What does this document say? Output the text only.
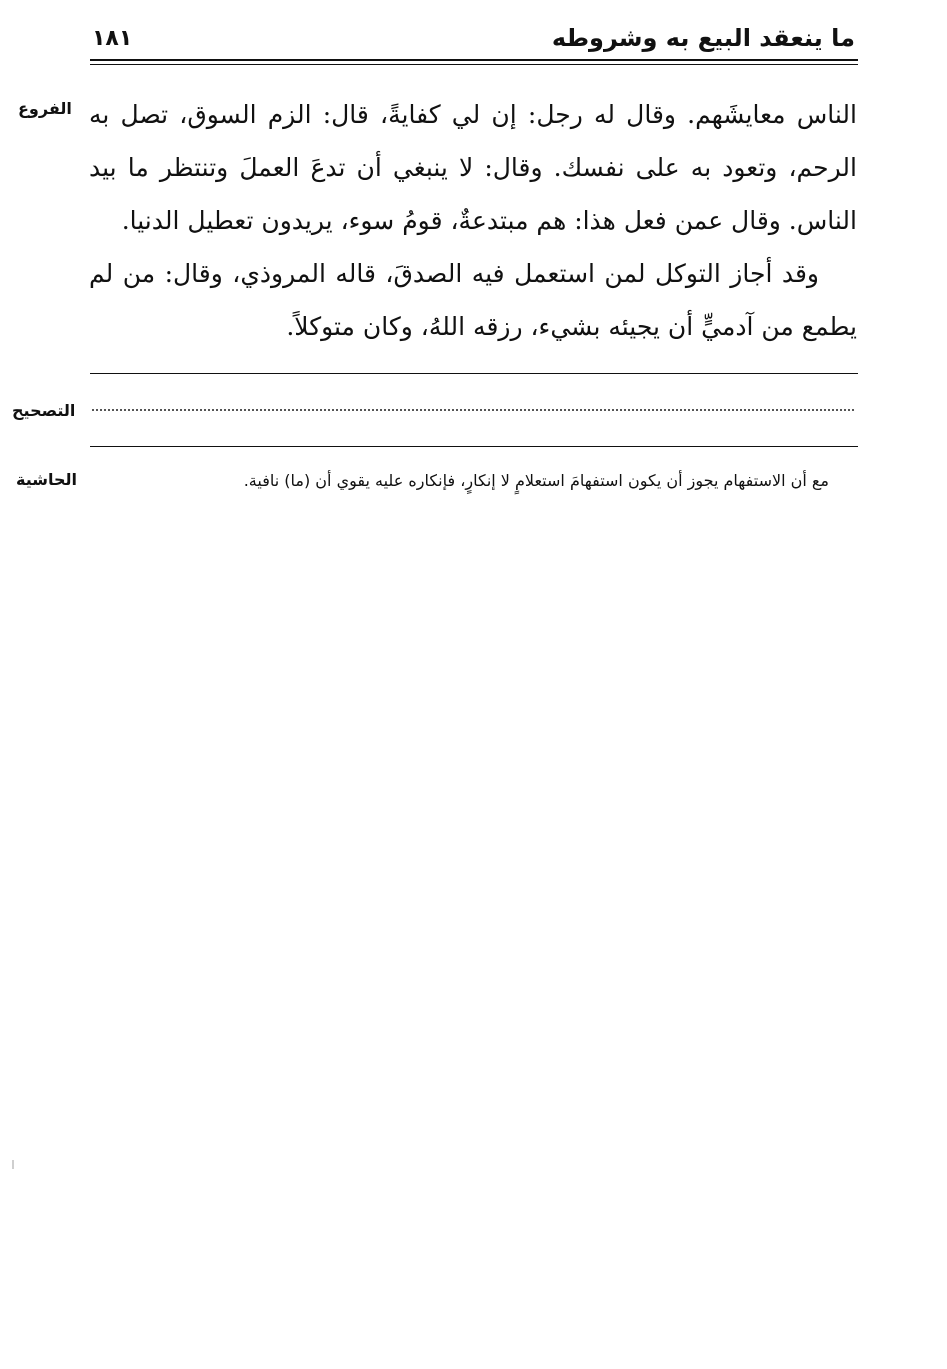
ما ينعقد البيع به وشروطه
١٨١
الفروع الناس معايشَهم. وقال له رجل: إن لي كفايةً، قال: الزم السوق، تصل به الرحم، وتعود به على نفسك. وقال: لا ينبغي أن تدعَ العملَ وتنتظر ما بيد الناس. وقال عمن فعل هذا: هم مبتدعةٌ، قومُ سوء، يريدون تعطيل الدنيا.

وقد أجاز التوكل لمن استعمل فيه الصدقَ، قاله المروذي، وقال: من لم يطمع من آدميٍّ أن يجيئه بشيء، رزقه اللهُ، وكان متوكلاً.

التصحيح
الحاشية	مع أن الاستفهام يجوز أن يكون استفهامَ استعلامٍ لا إنكارٍ، فإنكاره عليه يقوي أن (ما) نافية.
